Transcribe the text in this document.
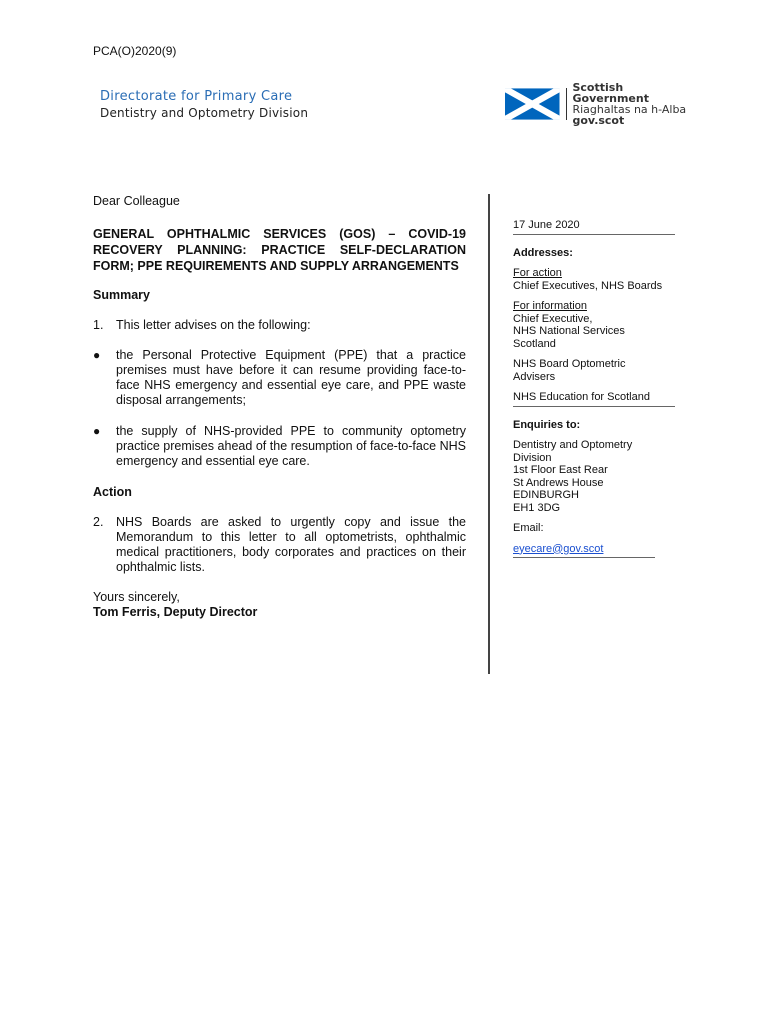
PCA(O)2020(9)
Directorate for Primary Care
Dentistry and Optometry Division
Scottish Government
Riaghaltas na h-Alba
gov.scot

Dear Colleague

GENERAL OPHTHALMIC SERVICES (GOS) – COVID-19 RECOVERY PLANNING: PRACTICE SELF-DECLARATION FORM; PPE REQUIREMENTS AND SUPPLY ARRANGEMENTS

Summary

1.	This letter advises on the following:
●	the Personal Protective Equipment (PPE) that a practice premises must have before it can resume providing face-to-face NHS emergency and essential eye care, and PPE waste disposal arrangements;
●	the supply of NHS-provided PPE to community optometry practice premises ahead of the resumption of face-to-face NHS emergency and essential eye care.

Action

2.	NHS Boards are asked to urgently copy and issue the Memorandum to this letter to all optometrists, ophthalmic medical practitioners, body corporates and practices on their ophthalmic lists.

Yours sincerely,

Tom Ferris, Deputy Director

17 June 2020
Addresses:
For action
Chief Executives, NHS Boards
For information
Chief Executive,
NHS National Services
Scotland
NHS Board Optometric
Advisers
NHS Education for Scotland
Enquiries to:
Dentistry and Optometry
Division
1st Floor East Rear
St Andrews House
EDINBURGH
EH1 3DG
Email:
eyecare@gov.scot
